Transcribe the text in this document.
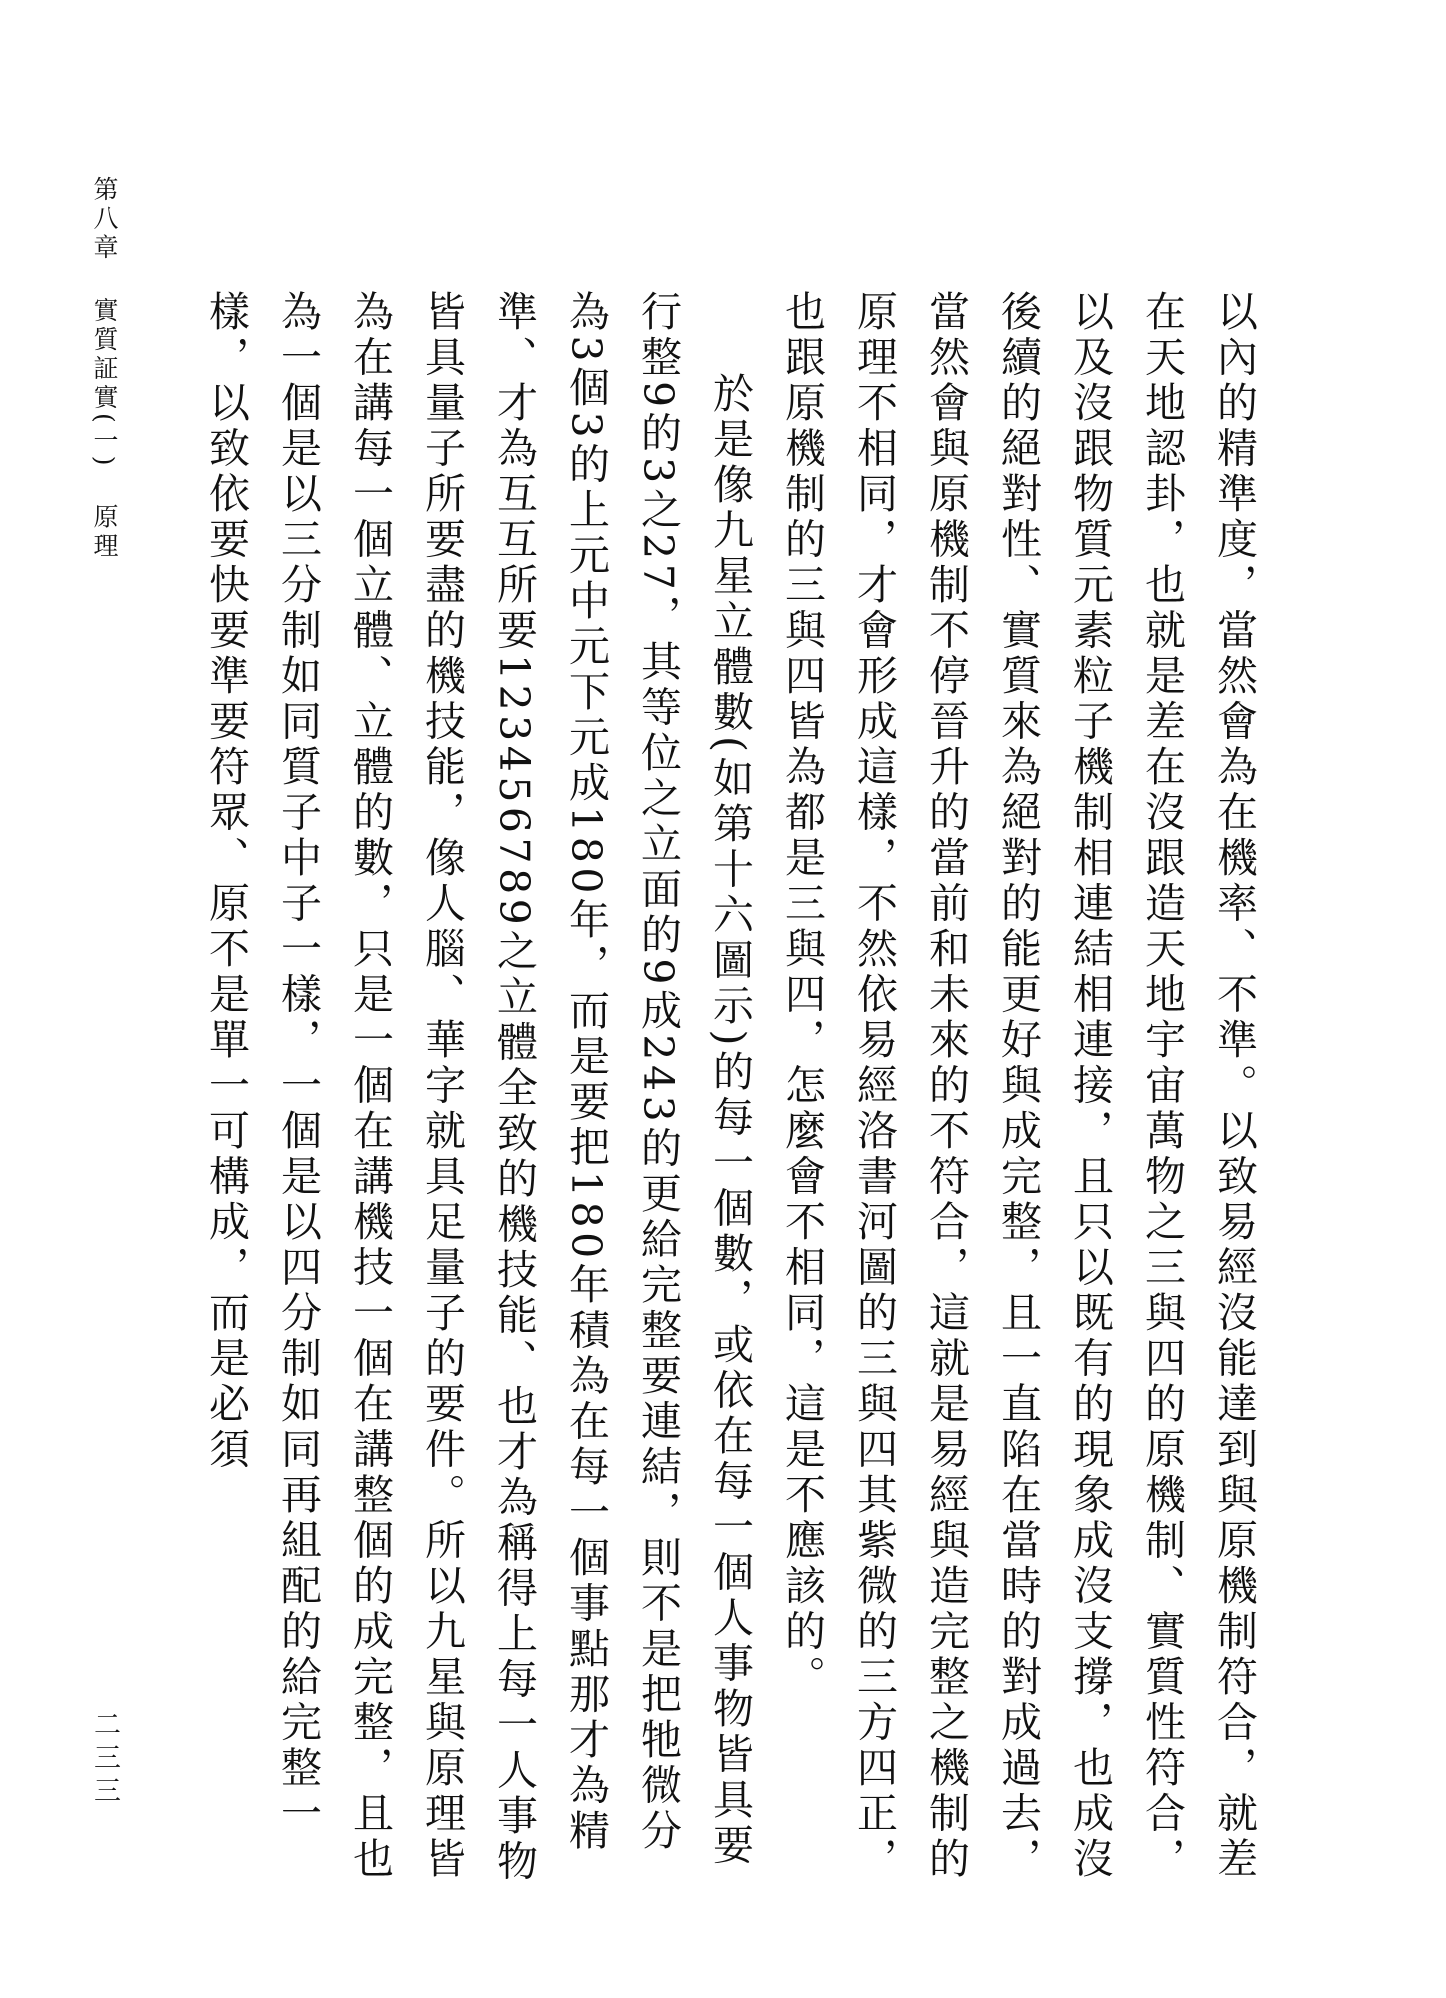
第八章實質証實(一)原理
二三三	以內的精準度，當然會為在機率、不準。以致易經沒能達到與原機制符合，就差在天地認卦，也就是差在沒跟造天地宇宙萬物之三與四的原機制、實質性符合，以及沒跟物質元素粒子機制相連結相連接，且只以既有的現象成沒支撐，也成沒後續的絕對性、實質來為絕對的能更好與成完整，且一直陷在當時的對成過去，當然會與原機制不停晉升的當前和未來的不符合，這就是易經與造完整之機制的原理不相同，才會形成這樣，不然依易經洛書河圖的三與四其紫微的三方四正，也跟原機制的三與四皆為都是三與四，怎麼會不相同，這是不應該的。

於是像九星立體數(如第十六圖示)的每一個數，或依在每一個人事物皆具要行整9的3之27，其等位之立面的9成243的更給完整要連結，則不是把牠微分為3個3的上元中元下元成180年，而是要把180年積為在每一個事點那才為精準、才為互互所要123456789之立體全致的機技能、也才為稱得上每一人事物皆具量子所要盡的機技能，像人腦、華字就具足量子的要件。所以九星與原理皆為在講每一個立體、立體的數，只是一個在講機技一個在講整個的成完整，且也為一個是以三分制如同質子中子一樣，一個是以四分制如同再組配的給完整一樣，以致依要快要準要符眾、原不是單一可構成，而是必須
